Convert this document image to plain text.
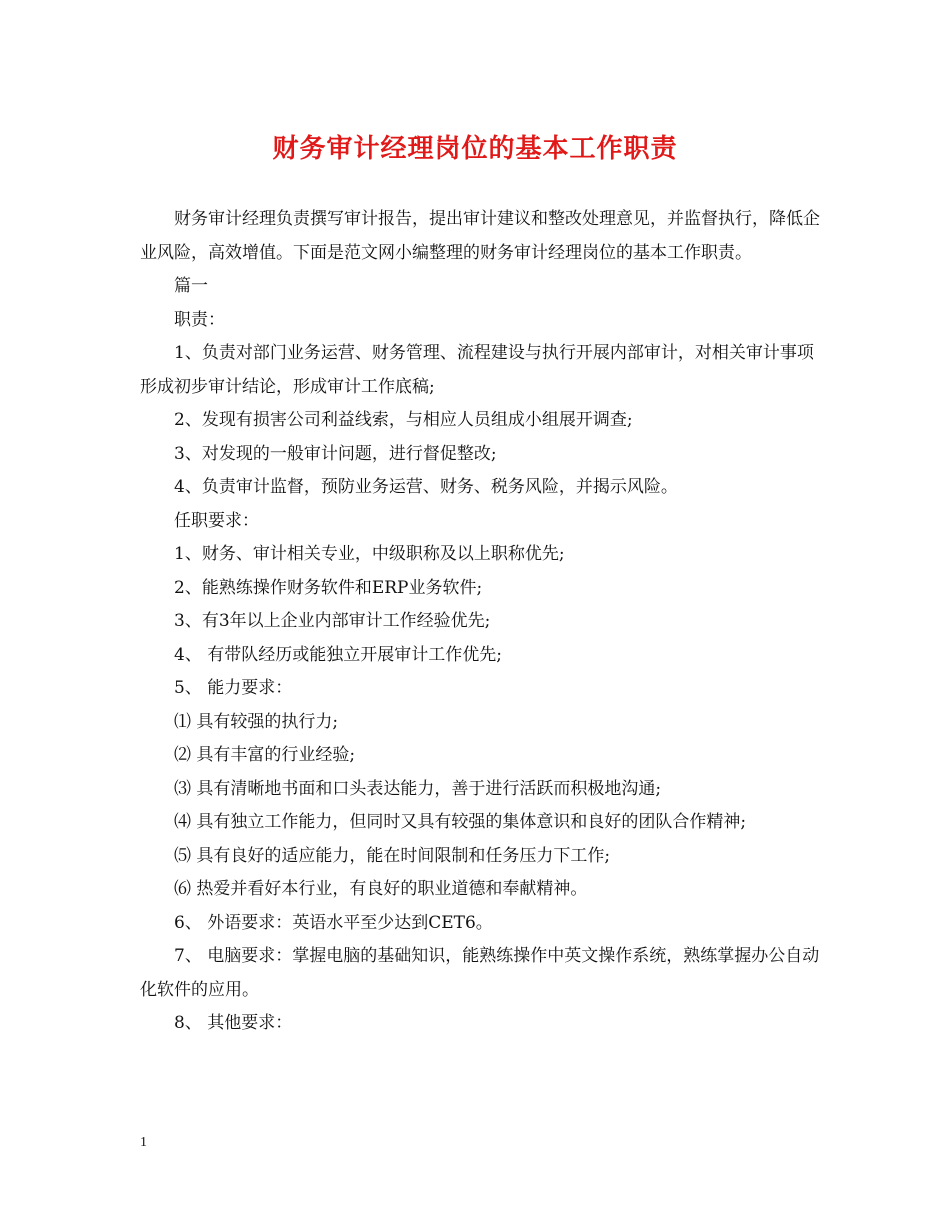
财务审计经理岗位的基本工作职责

财务审计经理负责撰写审计报告，提出审计建议和整改处理意见，并监督执行，降低企业风险，高效增值。下面是范文网小编整理的财务审计经理岗位的基本工作职责。

篇一

职责：

1、负责对部门业务运营、财务管理、流程建设与执行开展内部审计，对相关审计事项形成初步审计结论，形成审计工作底稿;

2、发现有损害公司利益线索，与相应人员组成小组展开调查;

3、对发现的一般审计问题，进行督促整改;

4、负责审计监督，预防业务运营、财务、税务风险，并揭示风险。

任职要求：

1、财务、审计相关专业，中级职称及以上职称优先;

2、能熟练操作财务软件和ERP业务软件;

3、有3年以上企业内部审计工作经验优先;

4、 有带队经历或能独立开展审计工作优先;

5、 能力要求：

⑴ 具有较强的执行力;

⑵ 具有丰富的行业经验;

⑶ 具有清晰地书面和口头表达能力，善于进行活跃而积极地沟通;

⑷ 具有独立工作能力，但同时又具有较强的集体意识和良好的团队合作精神;

⑸ 具有良好的适应能力，能在时间限制和任务压力下工作;

⑹ 热爱并看好本行业，有良好的职业道德和奉献精神。

6、 外语要求：英语水平至少达到CET6。

7、 电脑要求：掌握电脑的基础知识，能熟练操作中英文操作系统，熟练掌握办公自动化软件的应用。

8、 其他要求：

1
